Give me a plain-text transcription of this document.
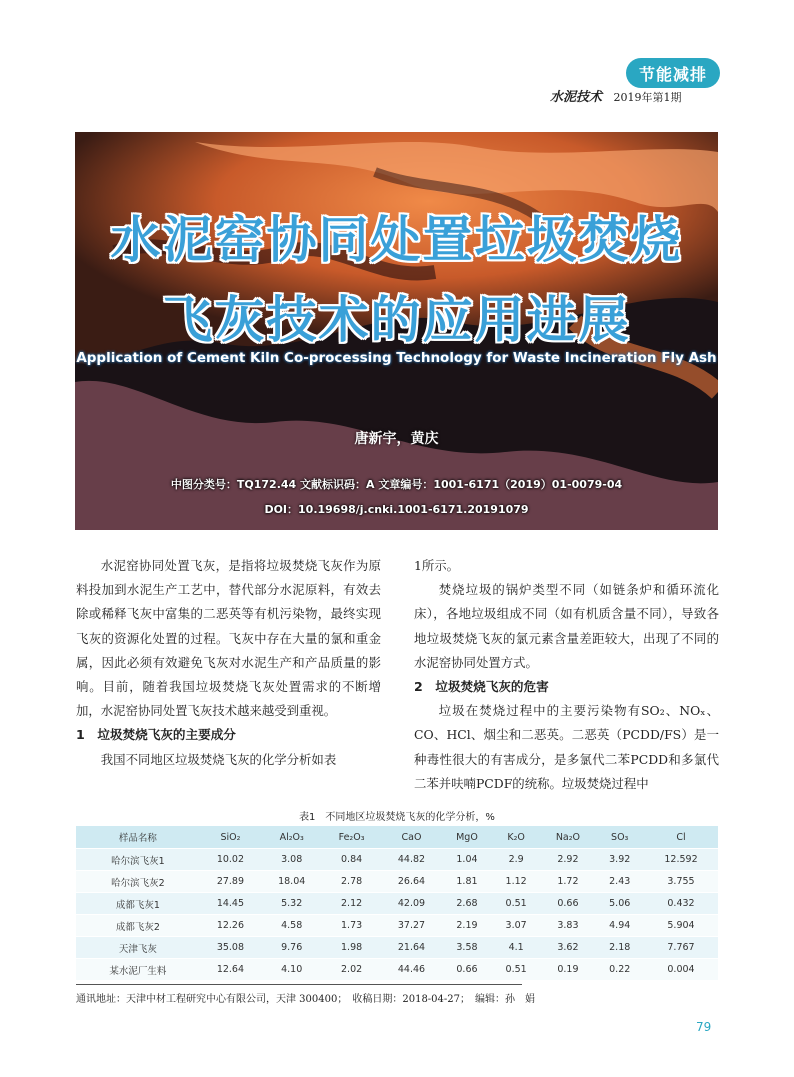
节能减排
水泥技术 2019年第1期
水泥窑协同处置垃圾焚烧
飞灰技术的应用进展
Application of Cement Kiln Co-processing Technology for Waste Incineration Fly Ash
唐新宇，黄庆
中图分类号：TQ172.44 文献标识码：A 文章编号：1001-6171（2019）01-0079-04
DOI：10.19698/j.cnki.1001-6171.20191079

水泥窑协同处置飞灰，是指将垃圾焚烧飞灰作为原料投加到水泥生产工艺中，替代部分水泥原料，有效去除或稀释飞灰中富集的二恶英等有机污染物，最终实现飞灰的资源化处置的过程。飞灰中存在大量的氯和重金属，因此必须有效避免飞灰对水泥生产和产品质量的影响。目前，随着我国垃圾焚烧飞灰处置需求的不断增加，水泥窑协同处置飞灰技术越来越受到重视。

1　垃圾焚烧飞灰的主要成分

我国不同地区垃圾焚烧飞灰的化学分析如表

1所示。

焚烧垃圾的锅炉类型不同（如链条炉和循环流化床），各地垃圾组成不同（如有机质含量不同），导致各地垃圾焚烧飞灰的氯元素含量差距较大，出现了不同的水泥窑协同处置方式。

2　垃圾焚烧飞灰的危害

垃圾在焚烧过程中的主要污染物有SO₂、NOₓ、CO、HCl、烟尘和二恶英。二恶英（PCDD/FS）是一种毒性很大的有害成分，是多氯代二苯PCDD和多氯代二苯并呋喃PCDF的统称。垃圾焚烧过程中

表1　不同地区垃圾焚烧飞灰的化学分析，%
样品名称	SiO₂	Al₂O₃	Fe₂O₃	CaO	MgO	K₂O	Na₂O	SO₃	Cl
哈尔滨飞灰1	10.02	3.08	0.84	44.82	1.04	2.9	2.92	3.92	12.592
哈尔滨飞灰2	27.89	18.04	2.78	26.64	1.81	1.12	1.72	2.43	3.755
成都飞灰1	14.45	5.32	2.12	42.09	2.68	0.51	0.66	5.06	0.432
成都飞灰2	12.26	4.58	1.73	37.27	2.19	3.07	3.83	4.94	5.904
天津飞灰	35.08	9.76	1.98	21.64	3.58	4.1	3.62	2.18	7.767
某水泥厂生料	12.64	4.10	2.02	44.46	0.66	0.51	0.19	0.22	0.004
通讯地址：天津中材工程研究中心有限公司，天津 300400；　收稿日期：2018-04-27；　编辑：孙　娟
79
